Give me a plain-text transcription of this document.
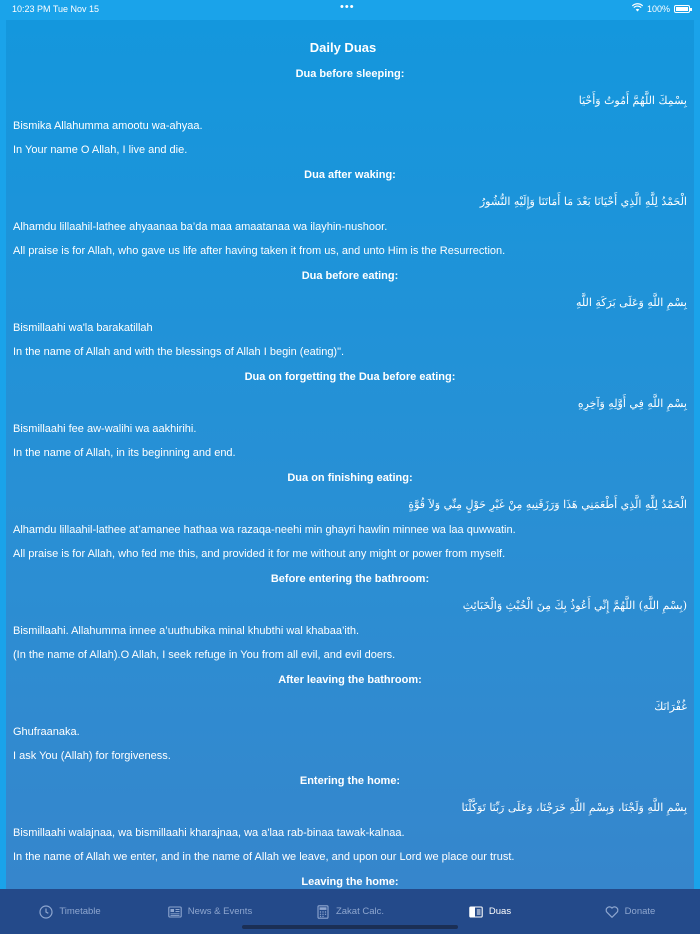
10:23 PM Tue Nov 15	•••	100%
Daily Duas
Dua before sleeping:
بِسْمِكَ اللَّهُمَّ أَمُوتُ وَأَحْيَا
Bismika Allahumma amootu wa-ahyaa.
In Your name O Allah, I live and die.
Dua after waking:
الْحَمْدُ لِلَّهِ الَّذِي أَحْيَانَا بَعْدَ مَا أَمَاتَنَا وَإِلَيْهِ النُّشُورُ
Alhamdu lillaahil-lathee ahyaanaa ba’da maa amaatanaa wa ilayhin-nushoor.
All praise is for Allah, who gave us life after having taken it from us, and unto Him is the Resurrection.
Dua before eating:
بِسْمِ اللَّهِ وَعَلَى بَرَكَةِ اللَّهِ
Bismillaahi wa'la barakatillah
In the name of Allah and with the blessings of Allah I begin (eating)".
Dua on forgetting the Dua before eating:
بِسْمِ اللَّهِ فِي أَوَّلِهِ وَآخِرِهِ
Bismillaahi fee aw-walihi wa aakhirihi.
In the name of Allah, in its beginning and end.
Dua on finishing eating:
الْحَمْدُ لِلَّهِ الَّذِي أَطْعَمَنِي هَذَا وَرَزَقَنِيهِ مِنْ غَيْرِ حَوْلٍ مِنِّي وَلاَ قُوَّةٍ
Alhamdu lillaahil-lathee at’amanee hathaa wa razaqa-neehi min ghayri hawlin minnee wa laa quwwatin.
All praise is for Allah, who fed me this, and provided it for me without any might or power from myself.
Before entering the bathroom:
(بِسْمِ اللَّهِ) اللَّهُمَّ إِنِّي أَعُوذُ بِكَ مِنَ الْخُبْثِ وَالْخَبَائِثِ
Bismillaahi. Allahumma innee a’uuthubika minal khubthi wal khabaa’ith.
(In the name of Allah).O Allah, I seek refuge in You from all evil, and evil doers.
After leaving the bathroom:
غُفْرَانَكَ
Ghufraanaka.
I ask You (Allah) for forgiveness.
Entering the home:
بِسْمِ اللَّهِ وَلَجْنَا، وَبِسْمِ اللَّهِ خَرَجْنَا، وَعَلَى رَبِّنَا تَوَكَّلْنَا
Bismillaahi walajnaa, wa bismillaahi kharajnaa, wa a'laa rab-binaa tawak-kalnaa.
In the name of Allah we enter, and in the name of Allah we leave, and upon our Lord we place our trust.
Leaving the home:
Timetable	News & Events	Zakat Calc.	Duas	Donate
